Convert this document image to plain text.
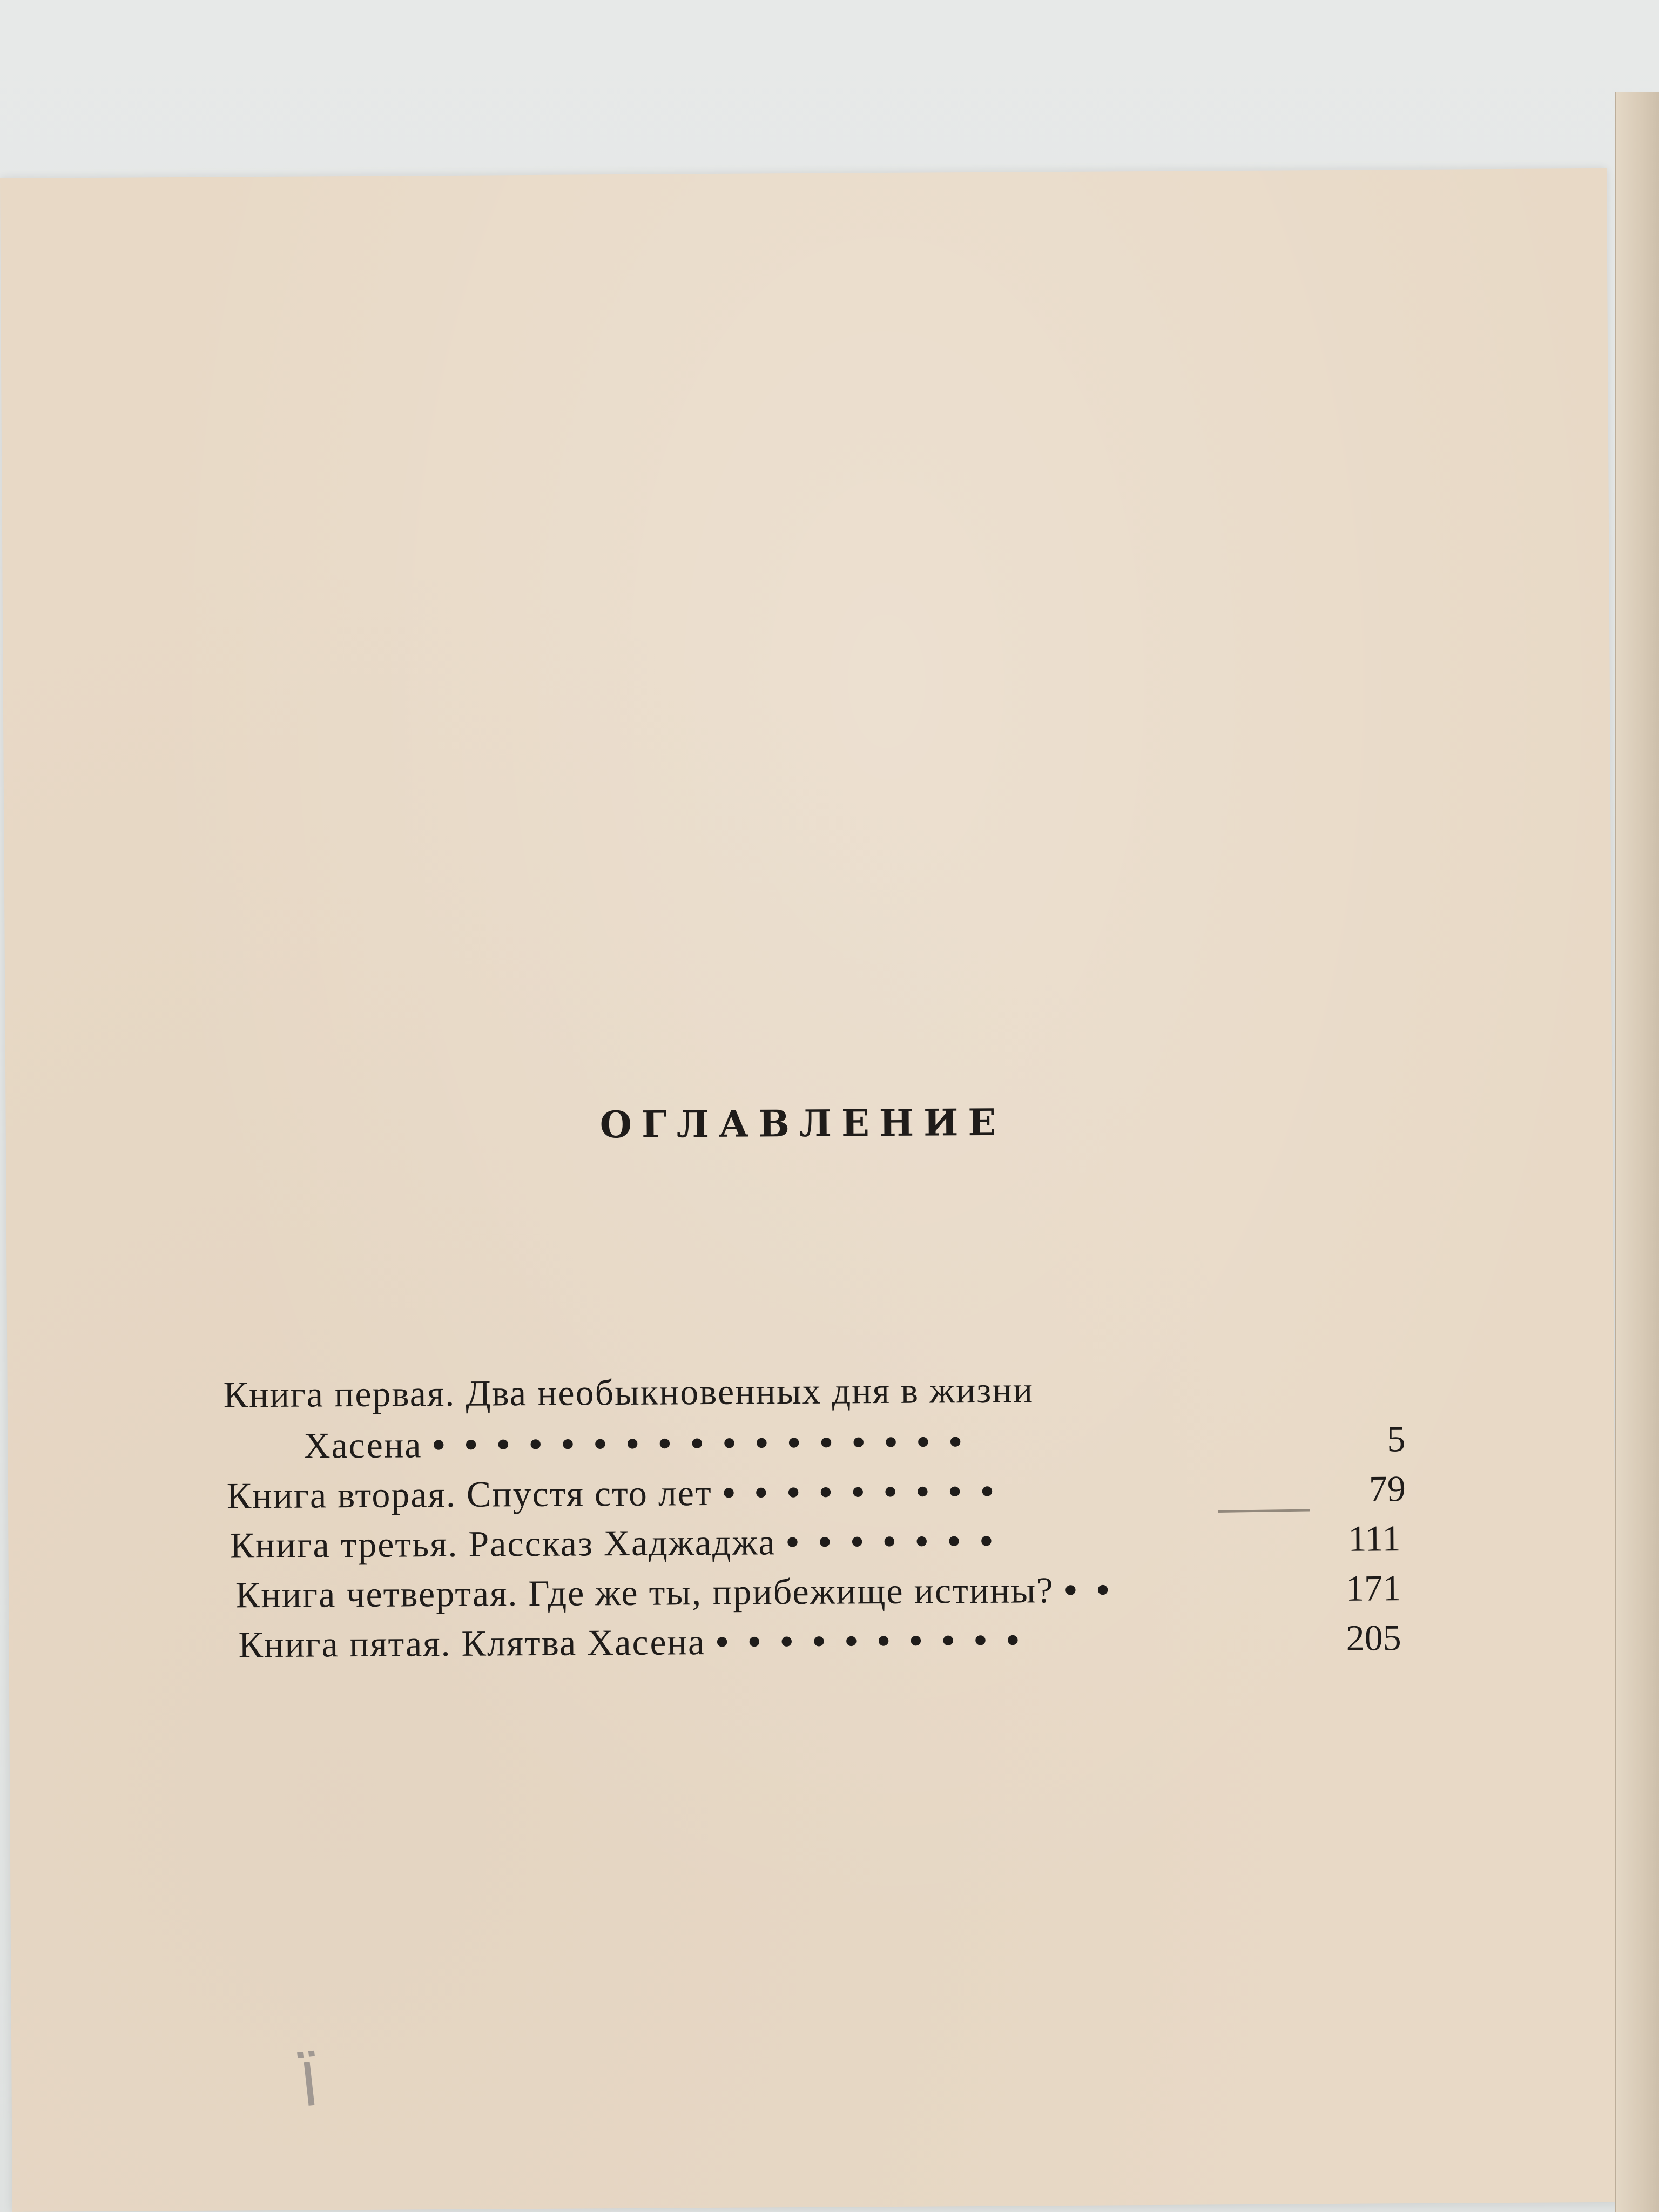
ОГЛАВЛЕНИЕ
Книга первая. Два необыкновенных дня в жизни
Хасена •••••••••••••••••	5
Книга вторая. Спустя сто лет •••••••••	79
Книга третья. Рассказ Хаджаджа •••••••	111
Книга четвертая. Где же ты, прибежище истины? ••	171
Книга пятая. Клятва Хасена ••••••••••	205
Ϊ
